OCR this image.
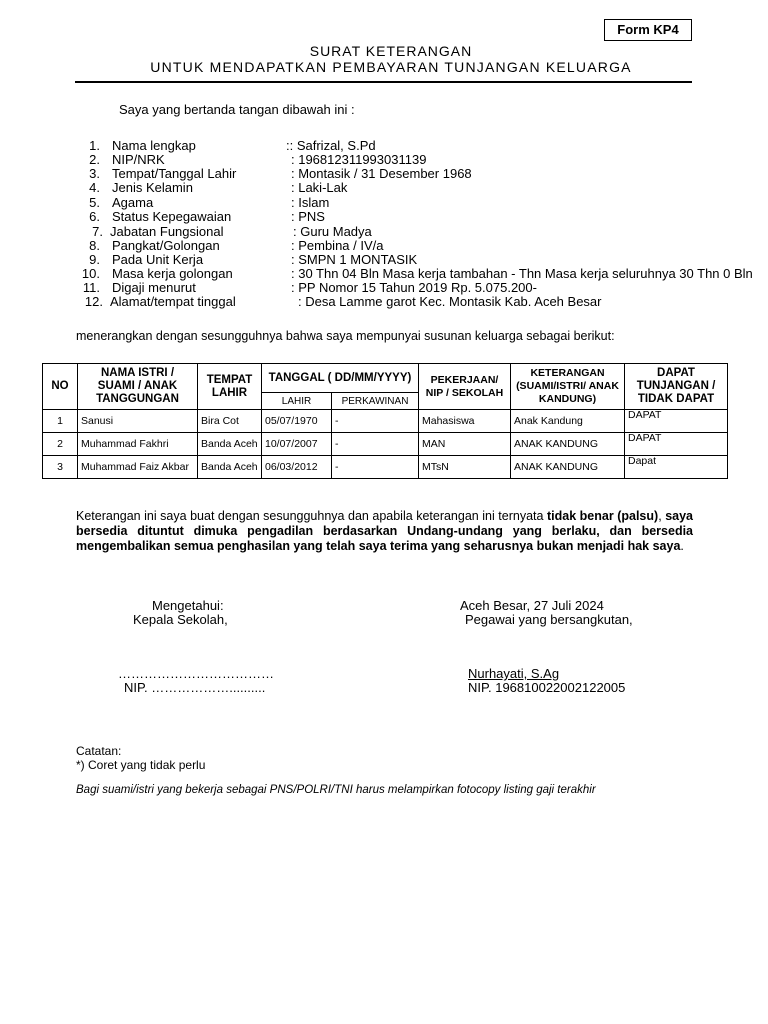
Form KP4
SURAT KETERANGAN
UNTUK MENDAPATKAN PEMBAYARAN TUNJANGAN KELUARGA
Saya yang bertanda tangan dibawah ini :
1. Nama lengkap	:: Safrizal, S.Pd
2. NIP/NRK	: 196812311993031139
3. Tempat/Tanggal Lahir	: Montasik / 31 Desember 1968
4. Jenis Kelamin	: Laki-Lak
5. Agama	: Islam
6. Status Kepegawaian	: PNS
7. Jabatan Fungsional	: Guru Madya
8. Pangkat/Golongan	: Pembina / IV/a
9. Pada Unit Kerja	: SMPN 1 MONTASIK
10. Masa kerja golongan	: 30 Thn 04 Bln Masa kerja tambahan - Thn Masa kerja seluruhnya 30 Thn 0 Bln
11. Digaji menurut	: PP Nomor 15 Tahun 2019 Rp. 5.075.200-
12. Alamat/tempat tinggal	: Desa Lamme garot Kec. Montasik Kab. Aceh Besar
menerangkan dengan sesungguhnya bahwa saya mempunyai susunan keluarga sebagai berikut:
NO	NAMA ISTRI / SUAMI / ANAK TANGGUNGAN	TEMPAT LAHIR	TANGGAL ( DD/MM/YYYY)		PEKERJAAN/ NIP / SEKOLAH	KETERANGAN (SUAMI/ISTRI/ ANAK KANDUNG)	DAPAT TUNJANGAN / TIDAK DAPAT
			LAHIR	PERKAWINAN			
1	Sanusi	Bira Cot	05/07/1970	-	Mahasiswa	Anak Kandung	DAPAT
2	Muhammad Fakhri	Banda Aceh	10/07/2007	-	MAN	ANAK KANDUNG	DAPAT
3	Muhammad Faiz Akbar	Banda Aceh	06/03/2012	-	MTsN	ANAK KANDUNG	Dapat
Keterangan ini saya buat dengan sesungguhnya dan apabila keterangan ini ternyata tidak benar (palsu), saya bersedia dituntut dimuka pengadilan berdasarkan Undang-undang yang berlaku, dan bersedia mengembalikan semua penghasilan yang telah saya terima yang seharusnya bukan menjadi hak saya.
Mengetahui:
Kepala Sekolah,
………………………………
NIP. ………………..........
Aceh Besar, 27 Juli 2024
Pegawai yang bersangkutan,
Nurhayati, S.Ag
NIP. 196810022002122005
Catatan:
*) Coret yang tidak perlu
Bagi suami/istri yang bekerja sebagai PNS/POLRI/TNI harus melampirkan fotocopy listing gaji terakhir
